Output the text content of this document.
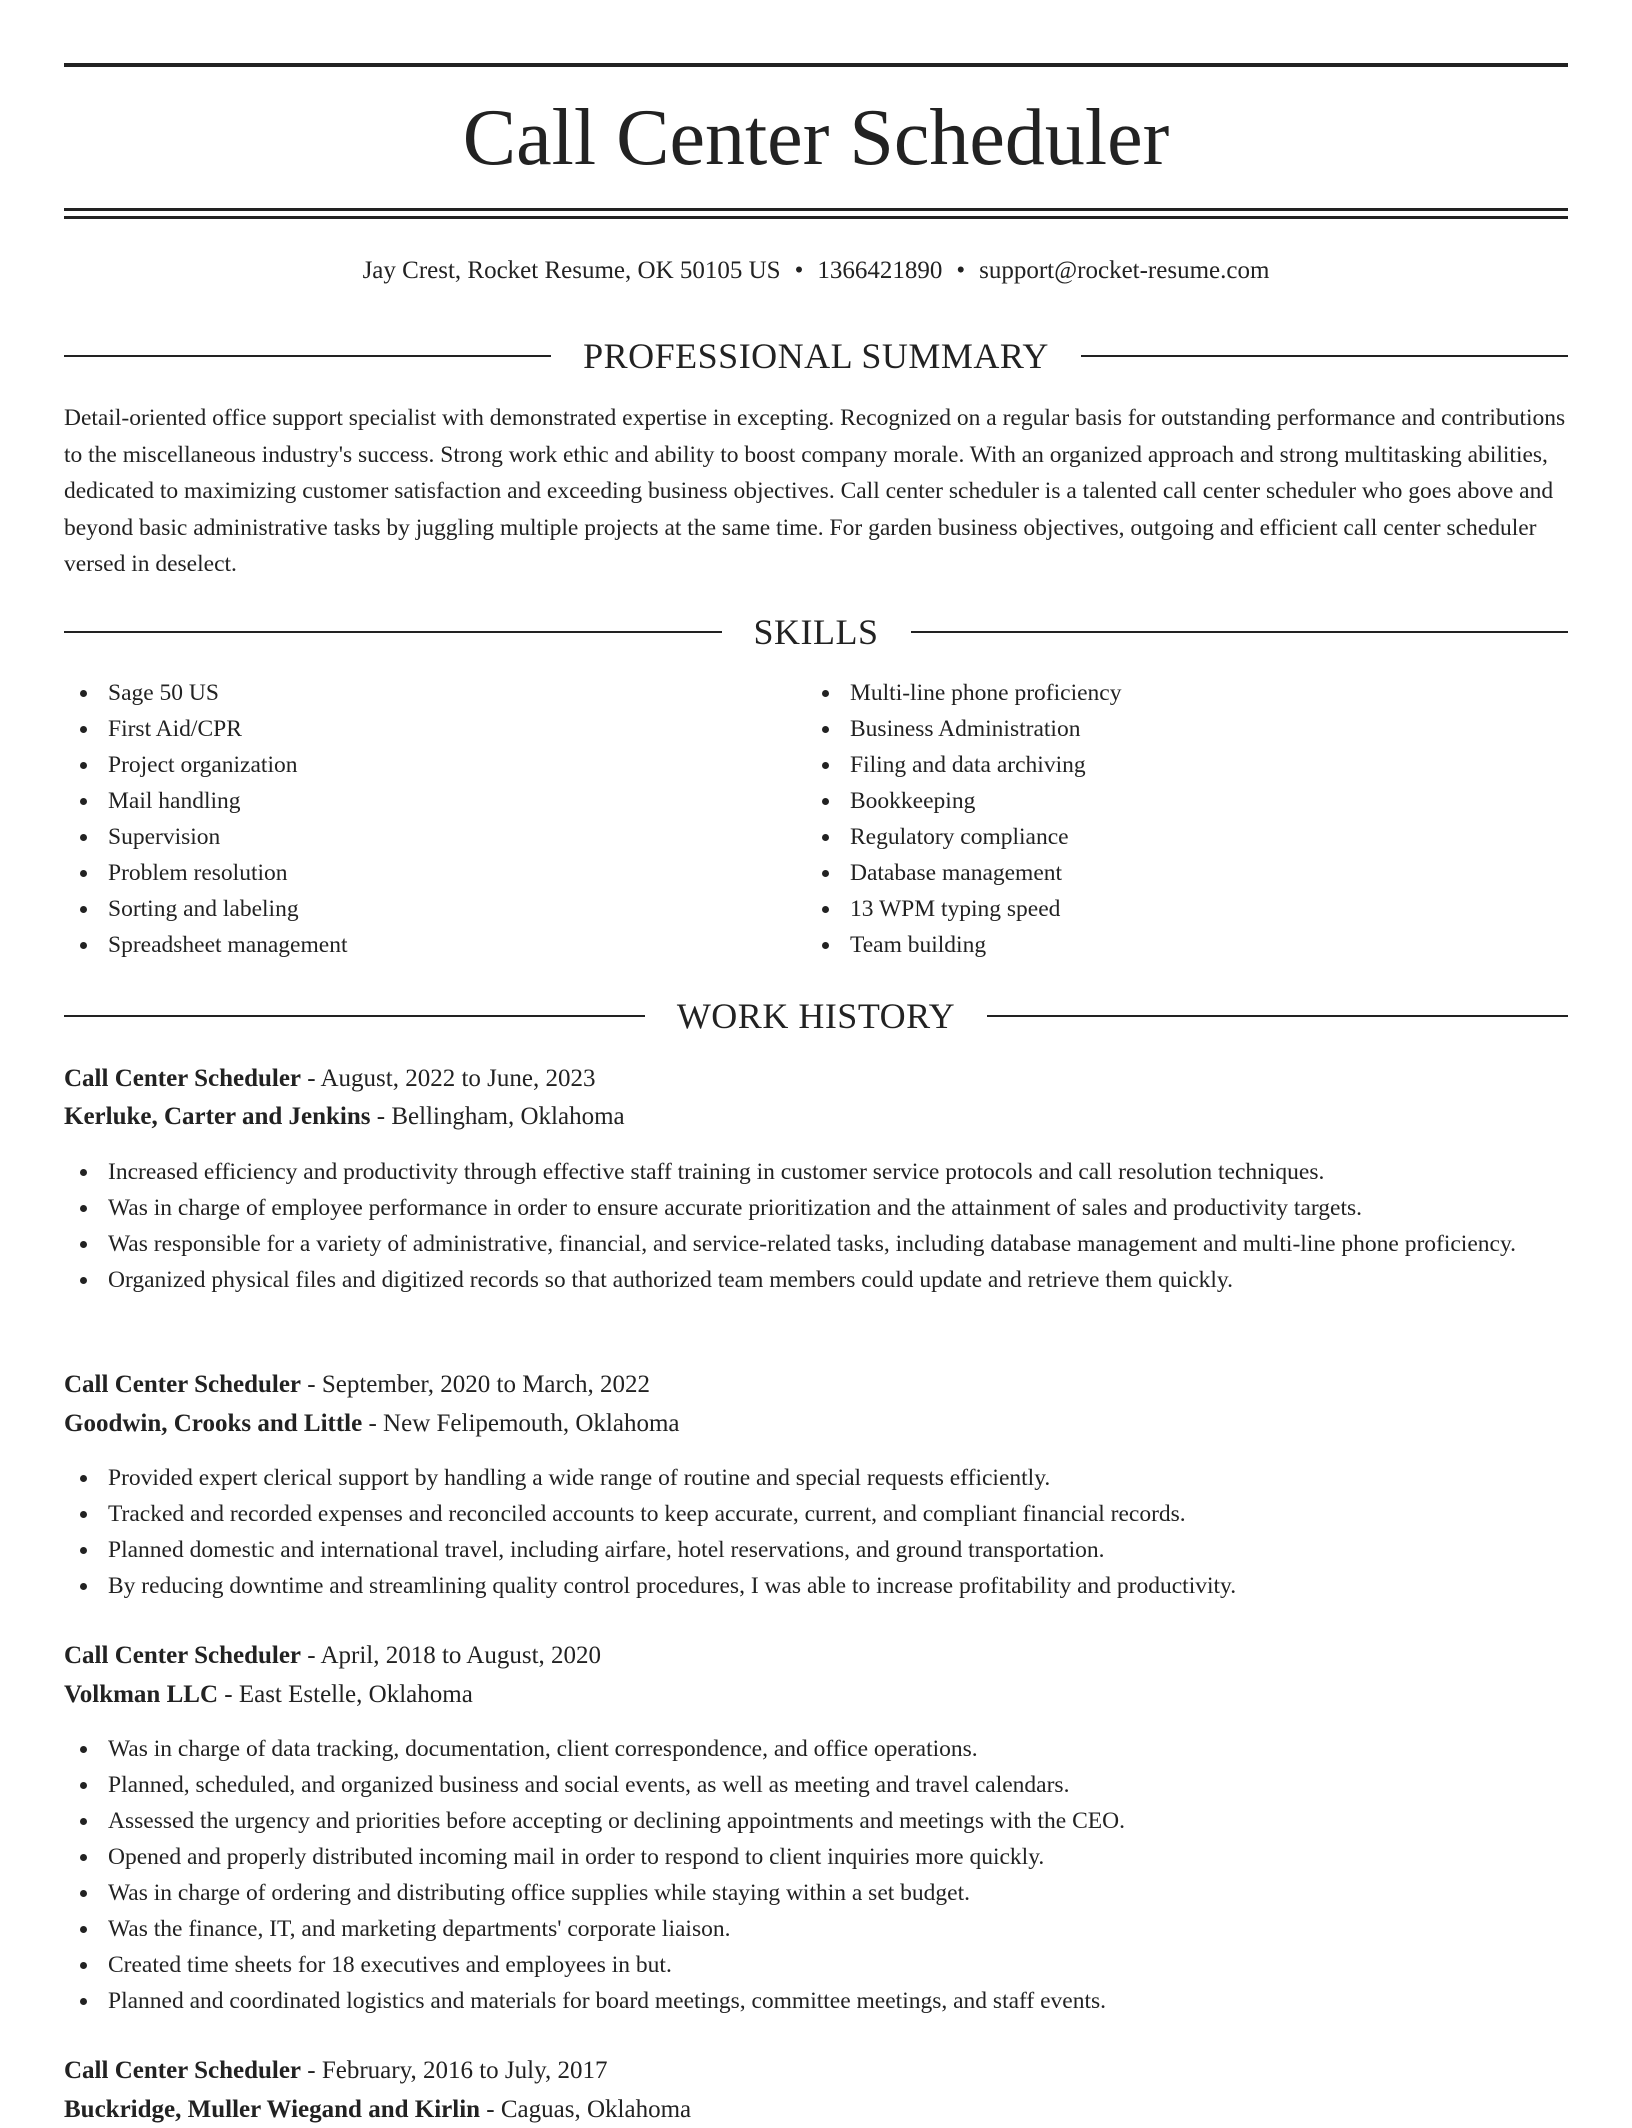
Call Center Scheduler
Jay Crest, Rocket Resume, OK 50105 US • 1366421890 • support@rocket-resume.com
PROFESSIONAL SUMMARY

Detail-oriented office support specialist with demonstrated expertise in excepting. Recognized on a regular basis for outstanding performance and contributions to the miscellaneous industry's success. Strong work ethic and ability to boost company morale. With an organized approach and strong multitasking abilities, dedicated to maximizing customer satisfaction and exceeding business objectives. Call center scheduler is a talented call center scheduler who goes above and beyond basic administrative tasks by juggling multiple projects at the same time. For garden business objectives, outgoing and efficient call center scheduler versed in deselect.

SKILLS
Sage 50 US
First Aid/CPR
Project organization
Mail handling
Supervision
Problem resolution
Sorting and labeling
Spreadsheet management
Multi-line phone proficiency
Business Administration
Filing and data archiving
Bookkeeping
Regulatory compliance
Database management
13 WPM typing speed
Team building
WORK HISTORY
Call Center Scheduler - August, 2022 to June, 2023
Kerluke, Carter and Jenkins - Bellingham, Oklahoma
Increased efficiency and productivity through effective staff training in customer service protocols and call resolution techniques.
Was in charge of employee performance in order to ensure accurate prioritization and the attainment of sales and productivity targets.
Was responsible for a variety of administrative, financial, and service-related tasks, including database management and multi-line phone proficiency.
Organized physical files and digitized records so that authorized team members could update and retrieve them quickly.
Call Center Scheduler - September, 2020 to March, 2022
Goodwin, Crooks and Little - New Felipemouth, Oklahoma
Provided expert clerical support by handling a wide range of routine and special requests efficiently.
Tracked and recorded expenses and reconciled accounts to keep accurate, current, and compliant financial records.
Planned domestic and international travel, including airfare, hotel reservations, and ground transportation.
By reducing downtime and streamlining quality control procedures, I was able to increase profitability and productivity.
Call Center Scheduler - April, 2018 to August, 2020
Volkman LLC - East Estelle, Oklahoma
Was in charge of data tracking, documentation, client correspondence, and office operations.
Planned, scheduled, and organized business and social events, as well as meeting and travel calendars.
Assessed the urgency and priorities before accepting or declining appointments and meetings with the CEO.
Opened and properly distributed incoming mail in order to respond to client inquiries more quickly.
Was in charge of ordering and distributing office supplies while staying within a set budget.
Was the finance, IT, and marketing departments' corporate liaison.
Created time sheets for 18 executives and employees in but.
Planned and coordinated logistics and materials for board meetings, committee meetings, and staff events.
Call Center Scheduler - February, 2016 to July, 2017
Buckridge, Muller Wiegand and Kirlin - Caguas, Oklahoma
